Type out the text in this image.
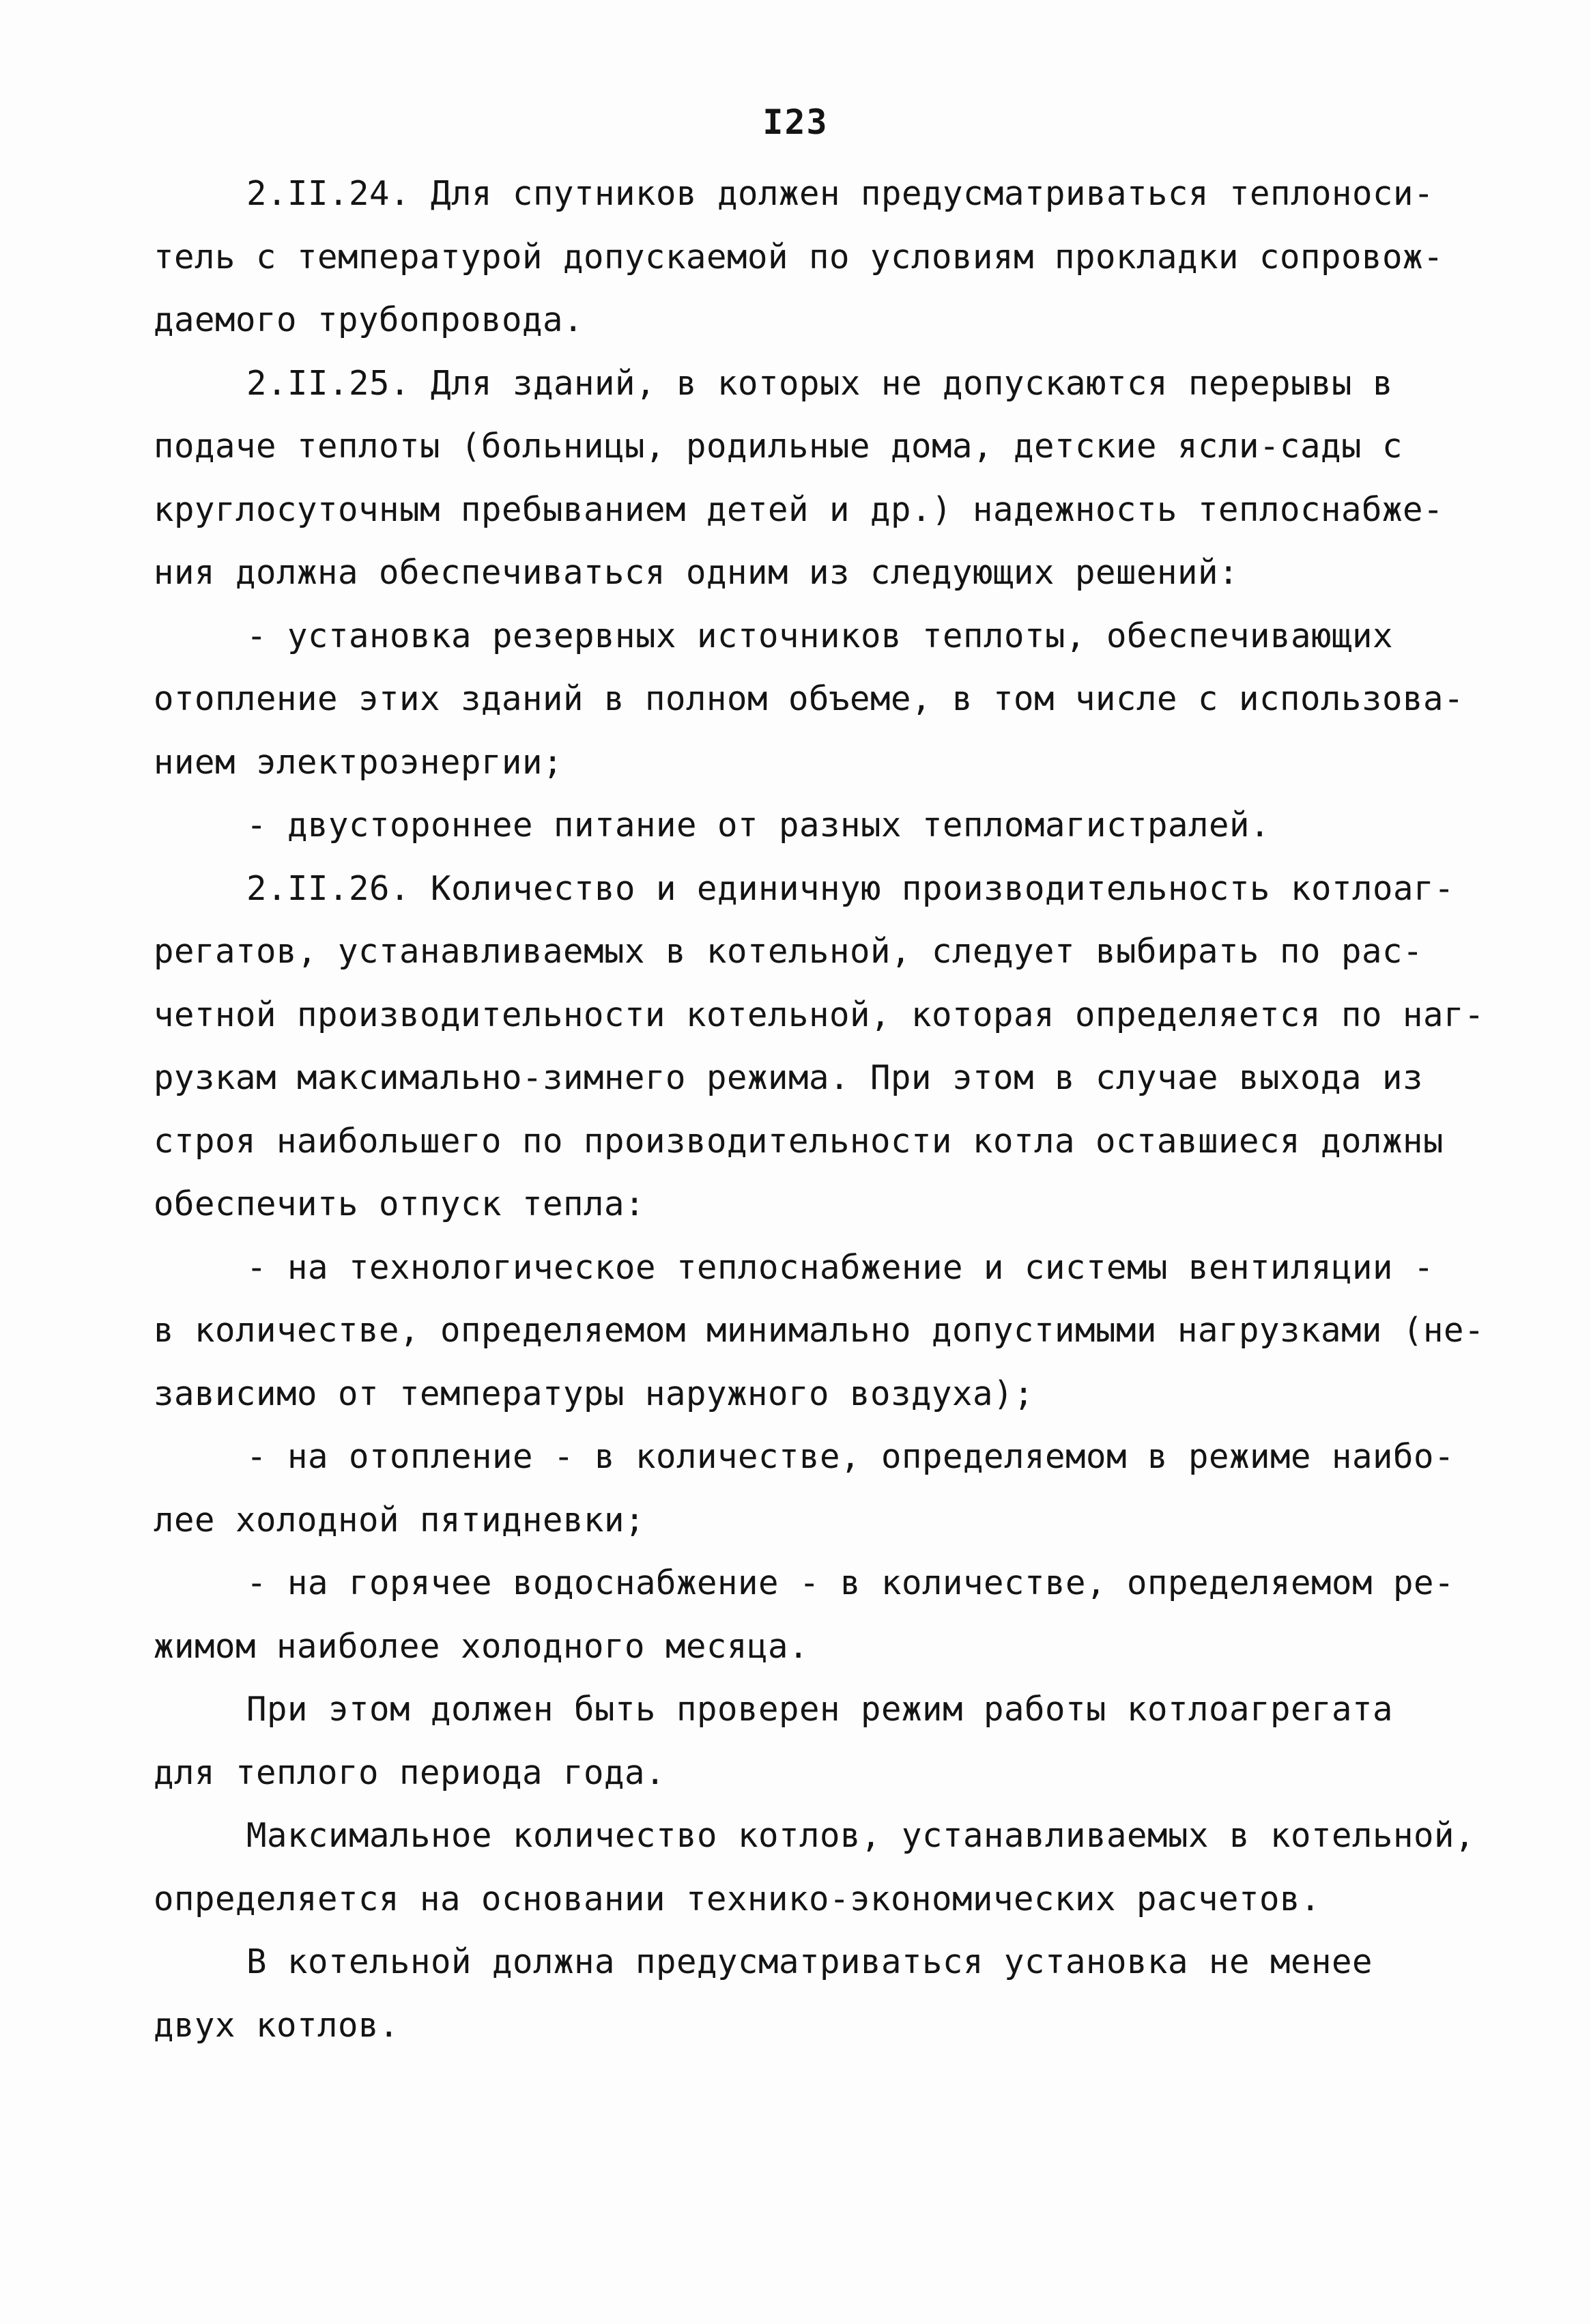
I23
2.II.24. Для спутников должен предусматриваться теплоноси-
тель с температурой допускаемой по условиям прокладки сопровож-
даемого трубопровода.
2.II.25. Для зданий, в которых не допускаются перерывы в
подаче теплоты (больницы, родильные дома, детские ясли-сады с
круглосуточным пребыванием детей и др.) надежность теплоснабже-
ния должна обеспечиваться одним из следующих решений:
- установка резервных источников теплоты, обеспечивающих
отопление этих зданий в полном объеме, в том числе с использова-
нием электроэнергии;
- двустороннее питание от разных тепломагистралей.
2.II.26. Количество и единичную производительность котлоаг-
регатов, устанавливаемых в котельной, следует выбирать по рас-
четной производительности котельной, которая определяется по наг-
рузкам максимально-зимнего режима. При этом в случае выхода из
строя наибольшего по производительности котла оставшиеся должны
обеспечить отпуск тепла:
- на технологическое теплоснабжение и системы вентиляции -
в количестве, определяемом минимально допустимыми нагрузками (не-
зависимо от температуры наружного воздуха);
- на отопление - в количестве, определяемом в режиме наибо-
лее холодной пятидневки;
- на горячее водоснабжение - в количестве, определяемом ре-
жимом наиболее холодного месяца.
При этом должен быть проверен режим работы котлоагрегата
для теплого периода года.
Максимальное количество котлов, устанавливаемых в котельной,
определяется на основании технико-экономических расчетов.
В котельной должна предусматриваться установка не менее
двух котлов.
